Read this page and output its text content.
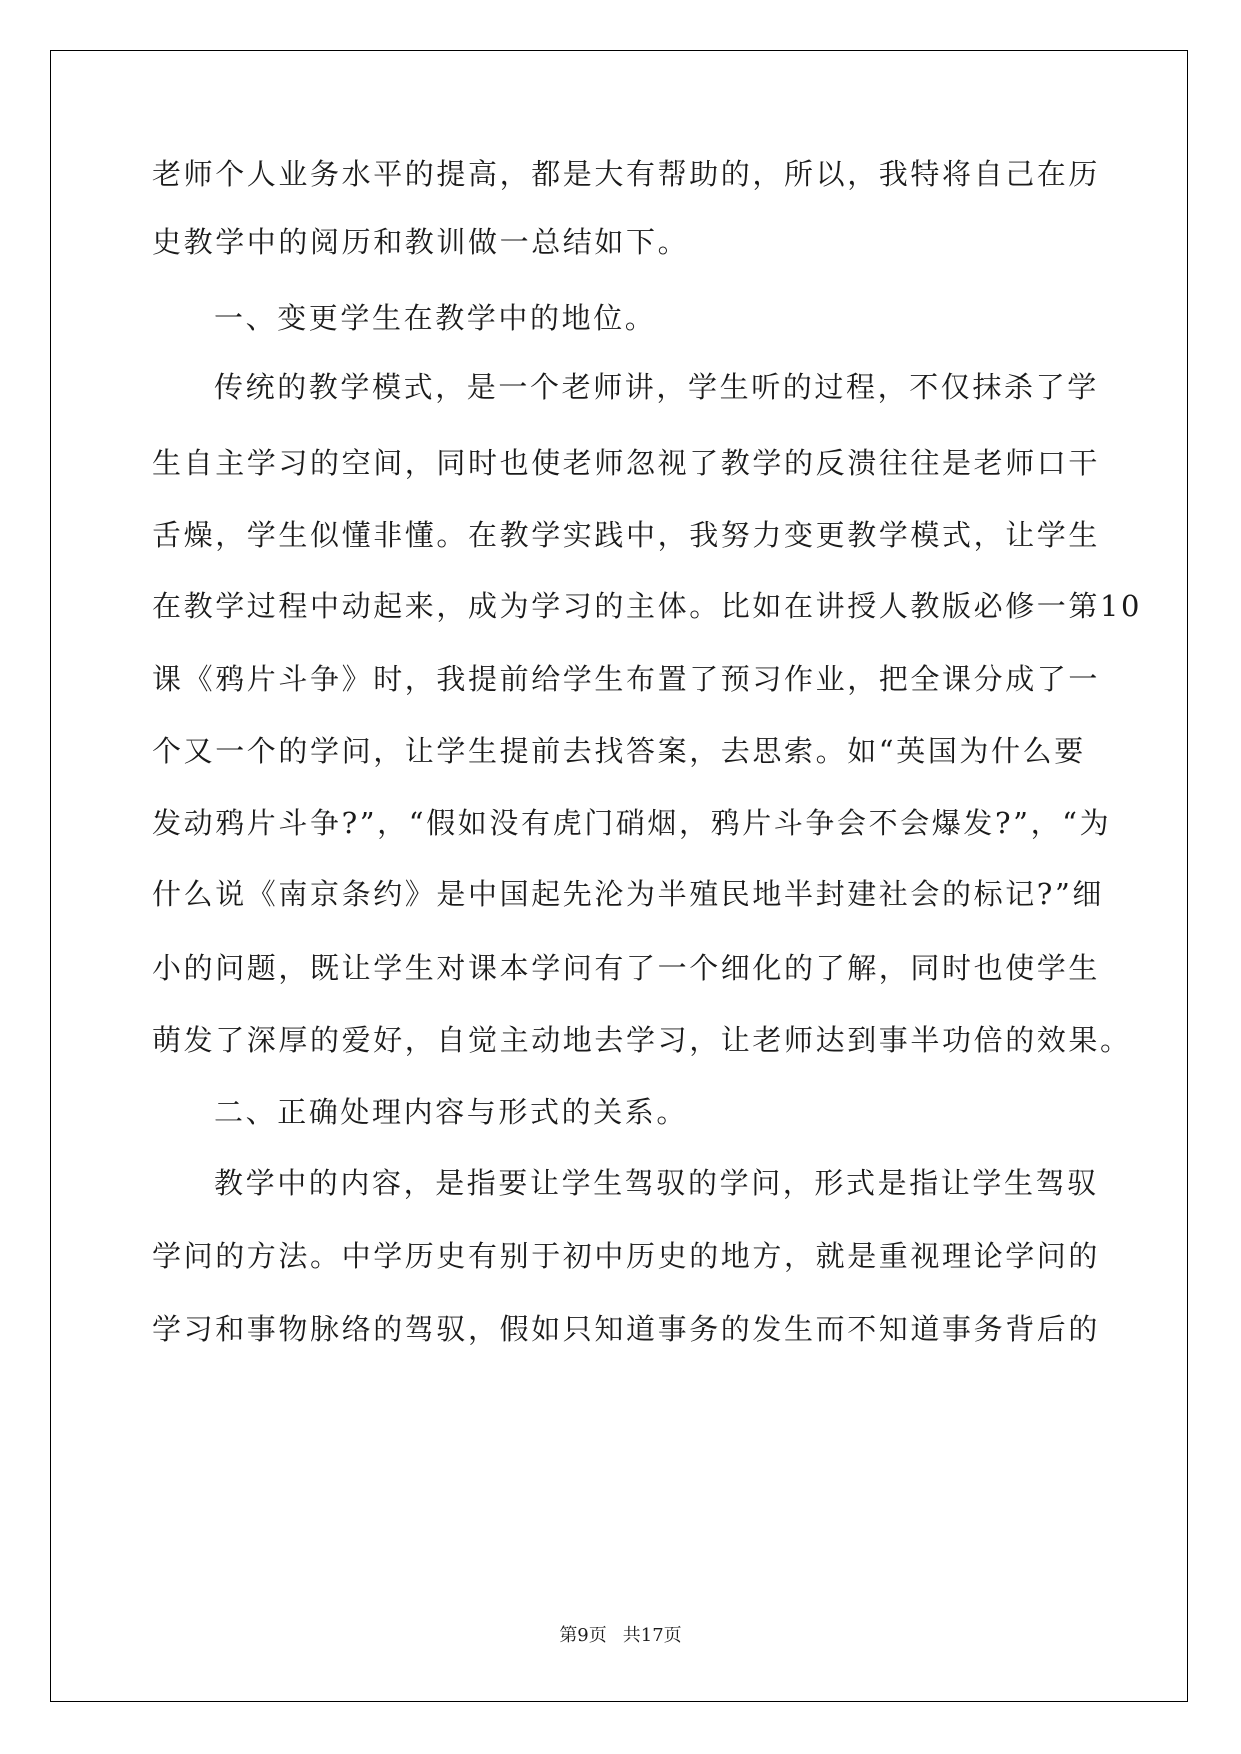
老师个人业务水平的提高，都是大有帮助的，所以，我特将自己在历
史教学中的阅历和教训做一总结如下。
一、变更学生在教学中的地位。
传统的教学模式，是一个老师讲，学生听的过程，不仅抹杀了学
生自主学习的空间，同时也使老师忽视了教学的反溃往往是老师口干
舌燥，学生似懂非懂。在教学实践中，我努力变更教学模式，让学生
在教学过程中动起来，成为学习的主体。比如在讲授人教版必修一第10
课《鸦片斗争》时，我提前给学生布置了预习作业，把全课分成了一
个又一个的学问，让学生提前去找答案，去思索。如“英国为什么要
发动鸦片斗争?”，“假如没有虎门硝烟，鸦片斗争会不会爆发?”，“为
什么说《南京条约》是中国起先沦为半殖民地半封建社会的标记?”细
小的问题，既让学生对课本学问有了一个细化的了解，同时也使学生
萌发了深厚的爱好，自觉主动地去学习，让老师达到事半功倍的效果。
二、正确处理内容与形式的关系。
教学中的内容，是指要让学生驾驭的学问，形式是指让学生驾驭
学问的方法。中学历史有别于初中历史的地方，就是重视理论学问的
学习和事物脉络的驾驭，假如只知道事务的发生而不知道事务背后的
第9页 共17页
